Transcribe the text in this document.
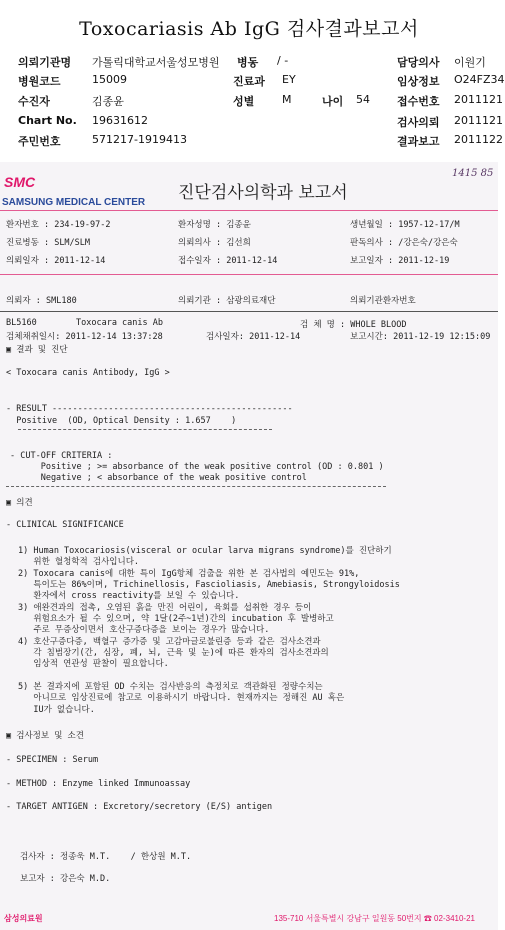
Toxocariasis Ab IgG 검사결과보고서
의뢰기관명 가톨릭대학교서울성모병원 병동 / -	담당의사 이원기
병원코드	15009	진료과 EY	임상정보 O24FZ34
수진자	김종윤	성별	M	나이 54 접수번호 2011121
Chart No. 19631612	검사의뢰 2011121
주민번호	571217-1919413	결과보고 2011122
SMC
SAMSUNG MEDICAL CENTER 진단검사의학과 보고서
1415 85
환자번호 : 234-19-97-2	환자성명 : 김종윤	생년월일 : 1957-12-17/M
진료병동 : SLM/SLM	의뢰의사 : 김선희	판독의사 : /강은숙/강은숙
의뢰일자 : 2011-12-14	접수일자 : 2011-12-14	보고일자 : 2011-12-19
의뢰자 : SML180	의뢰기관 : 삼광의료재단	의뢰기관환자번호
BL5160	Toxocara canis Ab	검 체 명 : WHOLE BLOOD
검체채취일시: 2011-12-14 13:37:28	검사일자: 2011-12-14	보고시간: 2011-12-19 12:15:09
▣ 결과 및 진단
< Toxocara canis Antibody, IgG >
- RESULT -----------------------------------------------
Positive  (OD, Optical Density : 1.657    )
- CUT-OFF CRITERIA :
Positive ; >= absorbance of the weak positive control (OD : 0.801 )
Negative ; < absorbance of the weak positive control
▣ 의견
- CLINICAL SIGNIFICANCE
1) Human Toxocariosis(visceral or ocular larva migrans syndrome)를 진단하기
위한 혈청학적 검사입니다.
2) Toxocara canis에 대한 특이 IgG항체 검출을 위한 본 검사법의 예민도는 91%,
특이도는 86%이며, Trichinellosis, Fascioliasis, Amebiasis, Strongyloidosis
환자에서 cross reactivity를 보일 수 있습니다.
3) 애완견과의 접촉, 오염된 흙을 만진 어린이, 육회를 섭취한 경우 등이
위험요소가 될 수 있으며, 약 1달(2주~1년)간의 incubation 후 발병하고
주로 무증상이면서 호산구증다증을 보이는 경우가 많습니다.
4) 호산구증다증, 백혈구 증가증 및 고감마글로불린증 등과 같은 검사소견과
각 침범장기(간, 심장, 폐, 뇌, 근육 및 눈)에 따른 환자의 검사소견과의
임상적 연관성 판찰이 필요합니다.
5) 본 결과지에 포함된 OD 수치는 검사반응의 측정치로 객관화된 정량수치는
아니므로 임상진료에 참고로 이용하시기 바랍니다. 현재까지는 정해진 AU 혹은
IU가 없습니다.
▣ 검사정보 및 소견
- SPECIMEN : Serum
- METHOD : Enzyme linked Immunoassay
- TARGET ANTIGEN : Excretory/secretory (E/S) antigen
검사자 : 정종욱 M.T.    / 한상원 M.T.
보고자 : 강은숙 M.D.
삼성의료원	135-710 서울특별시 강남구 일원동 50번지 ☎ 02-3410-21
